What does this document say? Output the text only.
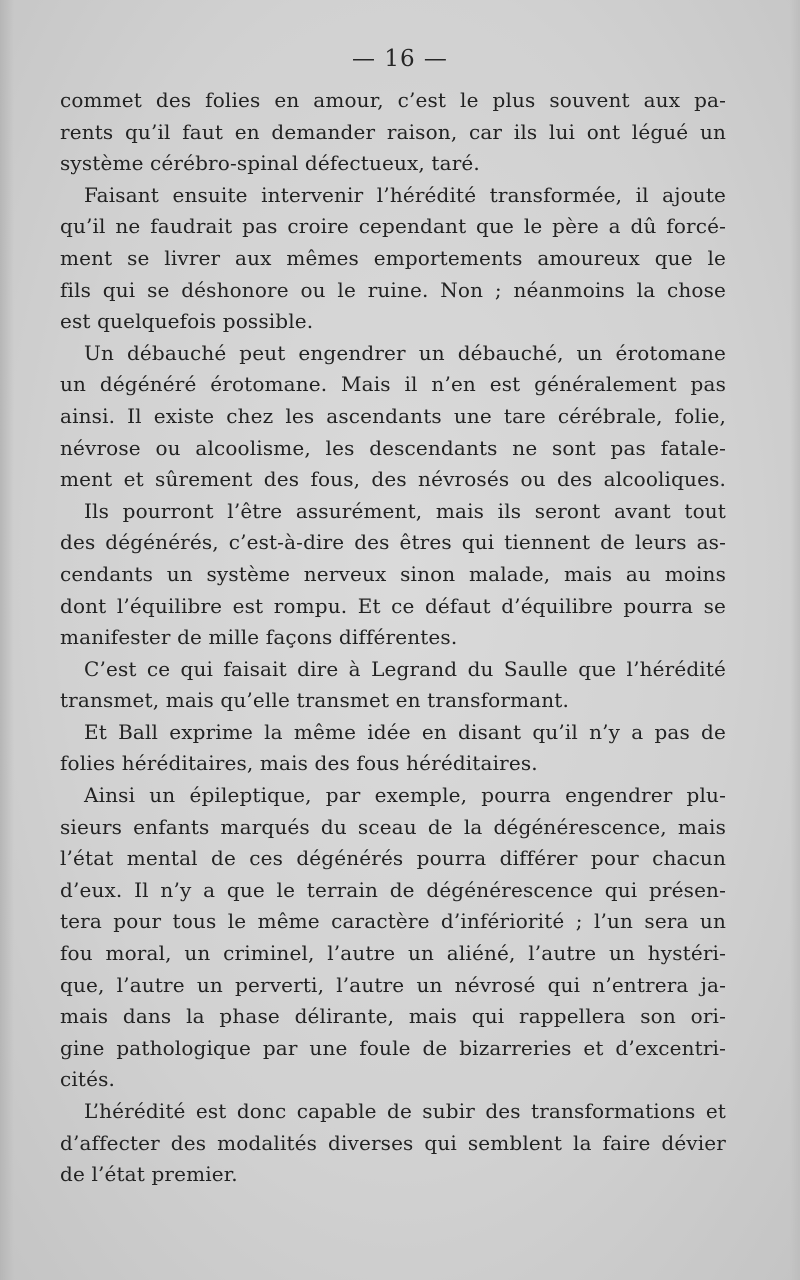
— 16 —
commet des folies en amour, c’est le plus souvent aux pa-
rents qu’il faut en demander raison, car ils lui ont légué un
système cérébro-spinal défectueux, taré.
Faisant ensuite intervenir l’hérédité transformée, il ajoute
qu’il ne faudrait pas croire cependant que le père a dû forcé-
ment se livrer aux mêmes emportements amoureux que le
fils qui se déshonore ou le ruine. Non ; néanmoins la chose
est quelquefois possible.
Un débauché peut engendrer un débauché, un érotomane
un dégénéré érotomane. Mais il n’en est généralement pas
ainsi. Il existe chez les ascendants une tare cérébrale, folie,
névrose ou alcoolisme, les descendants ne sont pas fatale-
ment et sûrement des fous, des névrosés ou des alcooliques.
Ils pourront l’être assurément, mais ils seront avant tout
des dégénérés, c’est-à-dire des êtres qui tiennent de leurs as-
cendants un système nerveux sinon malade, mais au moins
dont l’équilibre est rompu. Et ce défaut d’équilibre pourra se
manifester de mille façons différentes.
C’est ce qui faisait dire à Legrand du Saulle que l’hérédité
transmet, mais qu’elle transmet en transformant.
Et Ball exprime la même idée en disant qu’il n’y a pas de
folies héréditaires, mais des fous héréditaires.
Ainsi un épileptique, par exemple, pourra engendrer plu-
sieurs enfants marqués du sceau de la dégénérescence, mais
l’état mental de ces dégénérés pourra différer pour chacun
d’eux. Il n’y a que le terrain de dégénérescence qui présen-
tera pour tous le même caractère d’infériorité ; l’un sera un
fou moral, un criminel, l’autre un aliéné, l’autre un hystéri-
que, l’autre un perverti, l’autre un névrosé qui n’entrera ja-
mais dans la phase délirante, mais qui rappellera son ori-
gine pathologique par une foule de bizarreries et d’excentri-
cités.
L’hérédité est donc capable de subir des transformations et
d’affecter des modalités diverses qui semblent la faire dévier
de l’état premier.
